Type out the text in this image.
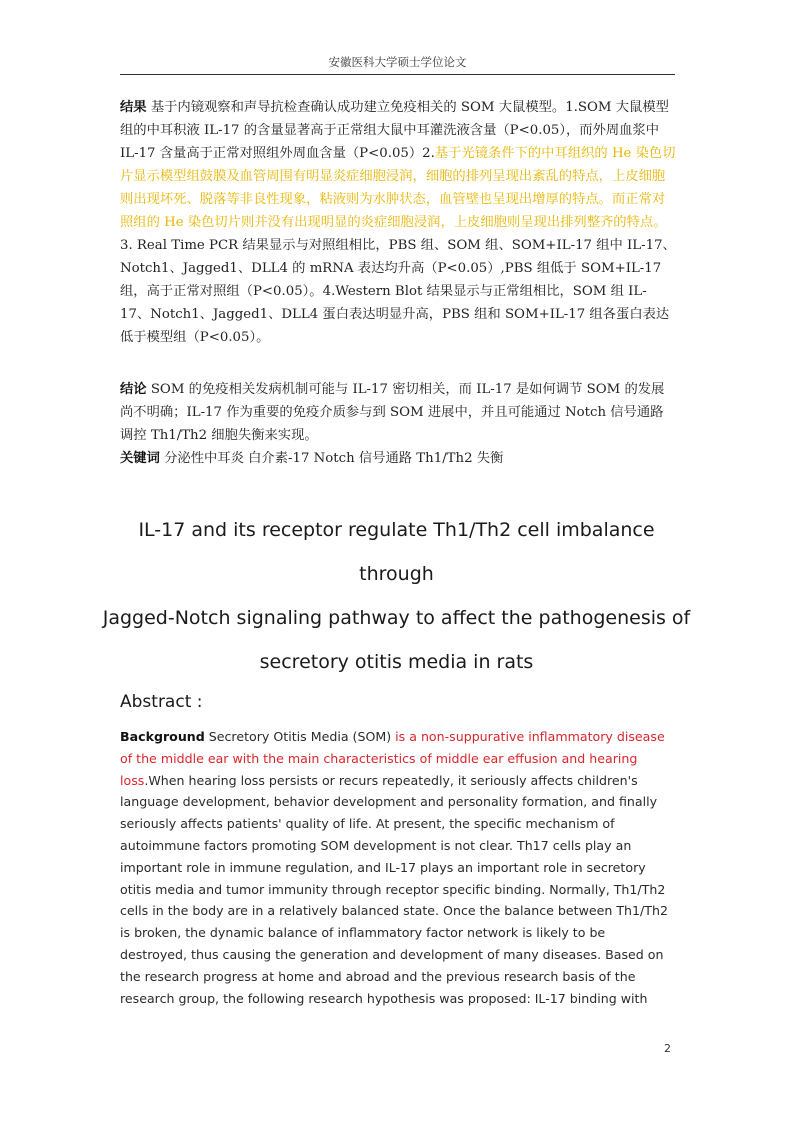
安徽医科大学硕士学位论文

结果 基于内镜观察和声导抗检查确认成功建立免疫相关的 SOM 大鼠模型。1.SOM 大鼠模型组的中耳积液 IL-17 的含量显著高于正常组大鼠中耳灌洗液含量（P<0.05），而外周血浆中 IL-17 含量高于正常对照组外周血含量（P<0.05）2.基于光镜条件下的中耳组织的 He 染色切片显示模型组鼓膜及血管周围有明显炎症细胞浸润，细胞的排列呈现出紊乱的特点，上皮细胞则出现坏死、脱落等非良性现象，粘液则为水肿状态，血管壁也呈现出增厚的特点。而正常对照组的 He 染色切片则并没有出现明显的炎症细胞浸润，上皮细胞则呈现出排列整齐的特点。3. Real Time PCR 结果显示与对照组相比，PBS 组、SOM 组、SOM+IL-17 组中 IL-17、Notch1、Jagged1、DLL4 的 mRNA 表达均升高（P<0.05）,PBS 组低于 SOM+IL-17 组，高于正常对照组（P<0.05）。4.Western Blot 结果显示与正常组相比，SOM 组 IL-17、Notch1、Jagged1、DLL4 蛋白表达明显升高，PBS 组和 SOM+IL-17 组各蛋白表达低于模型组（P<0.05）。

结论 SOM 的免疫相关发病机制可能与 IL-17 密切相关，而 IL-17 是如何调节 SOM 的发展尚不明确；IL-17 作为重要的免疫介质参与到 SOM 进展中，并且可能通过 Notch 信号通路调控 Th1/Th2 细胞失衡来实现。

关键词 分泌性中耳炎 白介素-17 Notch 信号通路 Th1/Th2 失衡

IL-17 and its receptor regulate Th1/Th2 cell imbalance through
Jagged-Notch signaling pathway to affect the pathogenesis of
secretory otitis media in rats
Abstract :
Background Secretory Otitis Media (SOM) is a non-suppurative inflammatory disease of the middle ear with the main characteristics of middle ear effusion and hearing loss.When hearing loss persists or recurs repeatedly, it seriously affects children's language development, behavior development and personality formation, and finally seriously affects patients' quality of life. At present, the specific mechanism of autoimmune factors promoting SOM development is not clear. Th17 cells play an important role in immune regulation, and IL-17 plays an important role in secretory otitis media and tumor immunity through receptor specific binding. Normally, Th1/Th2 cells in the body are in a relatively balanced state. Once the balance between Th1/Th2 is broken, the dynamic balance of inflammatory factor network is likely to be destroyed, thus causing the generation and development of many diseases. Based on the research progress at home and abroad and the previous research basis of the research group, the following research hypothesis was proposed: IL-17 binding with
2
